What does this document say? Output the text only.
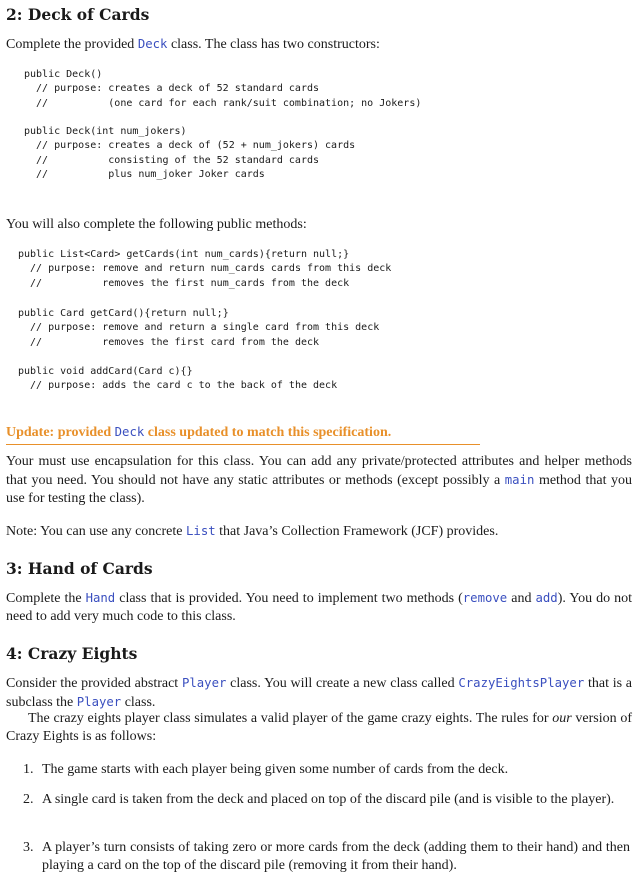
2: Deck of Cards

Complete the provided Deck class. The class has two constructors:

public Deck()
// purpose: creates a deck of 52 standard cards
//          (one card for each rank/suit combination; no Jokers)
public Deck(int num_jokers)
// purpose: creates a deck of (52 + num_jokers) cards
//          consisting of the 52 standard cards
//          plus num_joker Joker cards

You will also complete the following public methods:

public List<Card> getCards(int num_cards){return null;}
// purpose: remove and return num_cards cards from this deck
//          removes the first num_cards from the deck
public Card getCard(){return null;}
// purpose: remove and return a single card from this deck
//          removes the first card from the deck
public void addCard(Card c){}
// purpose: adds the card c to the back of the deck
Update: provided Deck class updated to match this specification.

Your must use encapsulation for this class. You can add any private/protected attributes and helper methods that you need. You should not have any static attributes or methods (except possibly a main method that you use for testing the class).

Note: You can use any concrete List that Java’s Collection Framework (JCF) provides.

3: Hand of Cards

Complete the Hand class that is provided. You need to implement two methods (remove and add). You do not need to add very much code to this class.

4: Crazy Eights

Consider the provided abstract Player class. You will create a new class called CrazyEightsPlayer that is a subclass the Player class.

The crazy eights player class simulates a valid player of the game crazy eights. The rules for our version of Crazy Eights is as follows:

1. The game starts with each player being given some number of cards from the deck.
2. A single card is taken from the deck and placed on top of the discard pile (and is visible to the player).
3. A player’s turn consists of taking zero or more cards from the deck (adding them to their hand) and then playing a card on the top of the discard pile (removing it from their hand).
